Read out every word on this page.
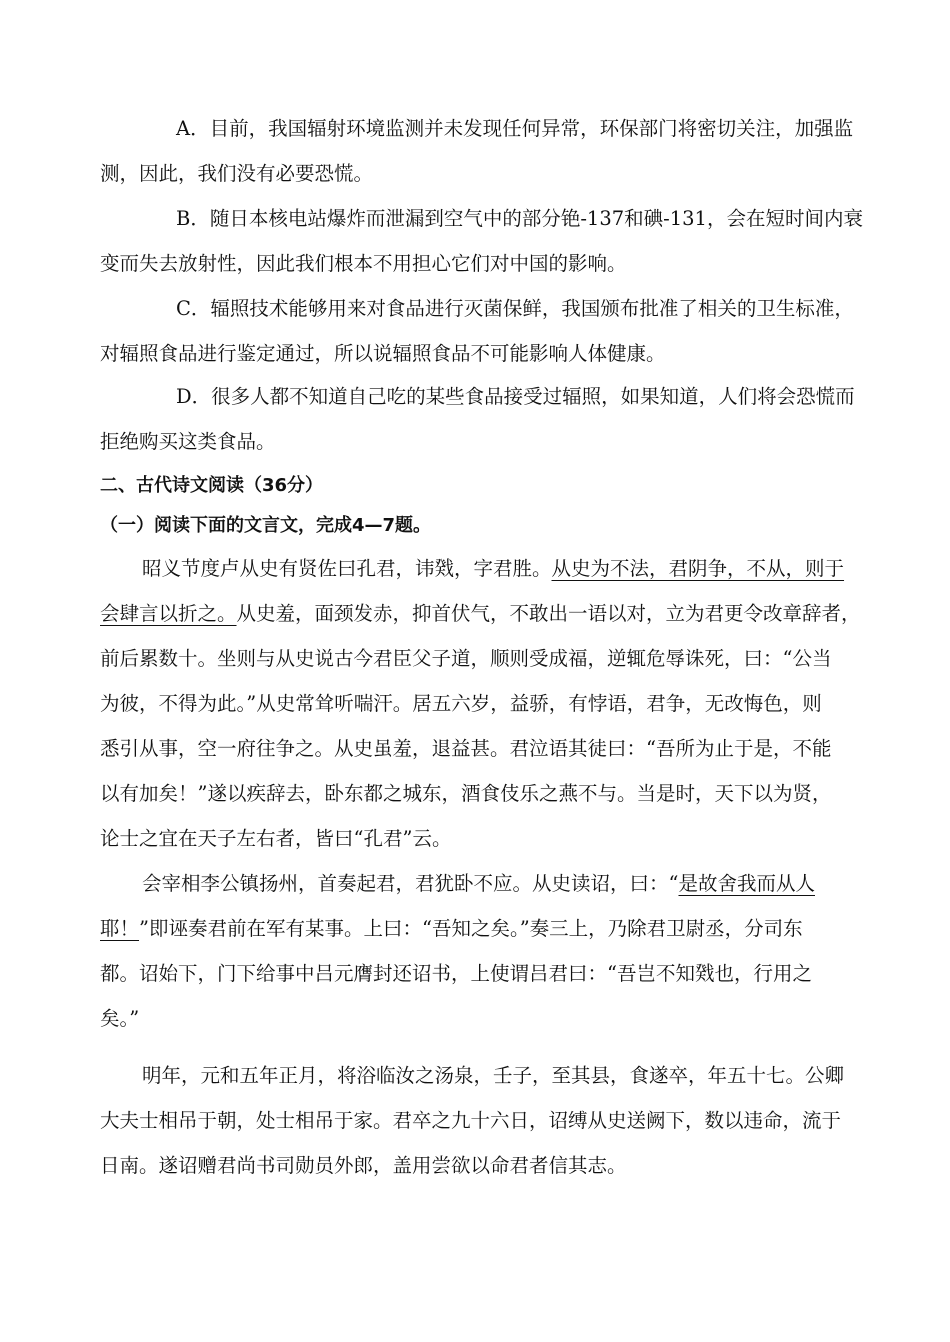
A．目前，我国辐射环境监测并未发现任何异常，环保部门将密切关注，加强监
测，因此，我们没有必要恐慌。
B．随日本核电站爆炸而泄漏到空气中的部分铯-137和碘-131，会在短时间内衰
变而失去放射性，因此我们根本不用担心它们对中国的影响。
C．辐照技术能够用来对食品进行灭菌保鲜，我国颁布批准了相关的卫生标准，
对辐照食品进行鉴定通过，所以说辐照食品不可能影响人体健康。
D．很多人都不知道自己吃的某些食品接受过辐照，如果知道，人们将会恐慌而
拒绝购买这类食品。
二、古代诗文阅读（36分）
（一）阅读下面的文言文，完成4—7题。
昭义节度卢从史有贤佐曰孔君，讳戣，字君胜。从史为不法，君阴争，不从，则于
会肆言以折之。从史羞，面颈发赤，抑首伏气，不敢出一语以对，立为君更令改章辞者，
前后累数十。坐则与从史说古今君臣父子道，顺则受成福，逆辄危辱诛死，曰：“公当
为彼，不得为此。”从史常耸听喘汗。居五六岁，益骄，有悖语，君争，无改悔色，则
悉引从事，空一府往争之。从史虽羞，退益甚。君泣语其徒曰：“吾所为止于是，不能
以有加矣！”遂以疾辞去，卧东都之城东，酒食伎乐之燕不与。当是时，天下以为贤，
论士之宜在天子左右者，皆曰“孔君”云。
会宰相李公镇扬州，首奏起君，君犹卧不应。从史读诏，曰：“是故舍我而从人
耶！”即诬奏君前在军有某事。上曰：“吾知之矣。”奏三上，乃除君卫尉丞，分司东
都。诏始下，门下给事中吕元膺封还诏书，上使谓吕君曰：“吾岂不知戣也，行用之
矣。”
明年，元和五年正月，将浴临汝之汤泉，壬子，至其县，食遂卒，年五十七。公卿
大夫士相吊于朝，处士相吊于家。君卒之九十六日，诏缚从史送阙下，数以违命，流于
日南。遂诏赠君尚书司勋员外郎，盖用尝欲以命君者信其志。
